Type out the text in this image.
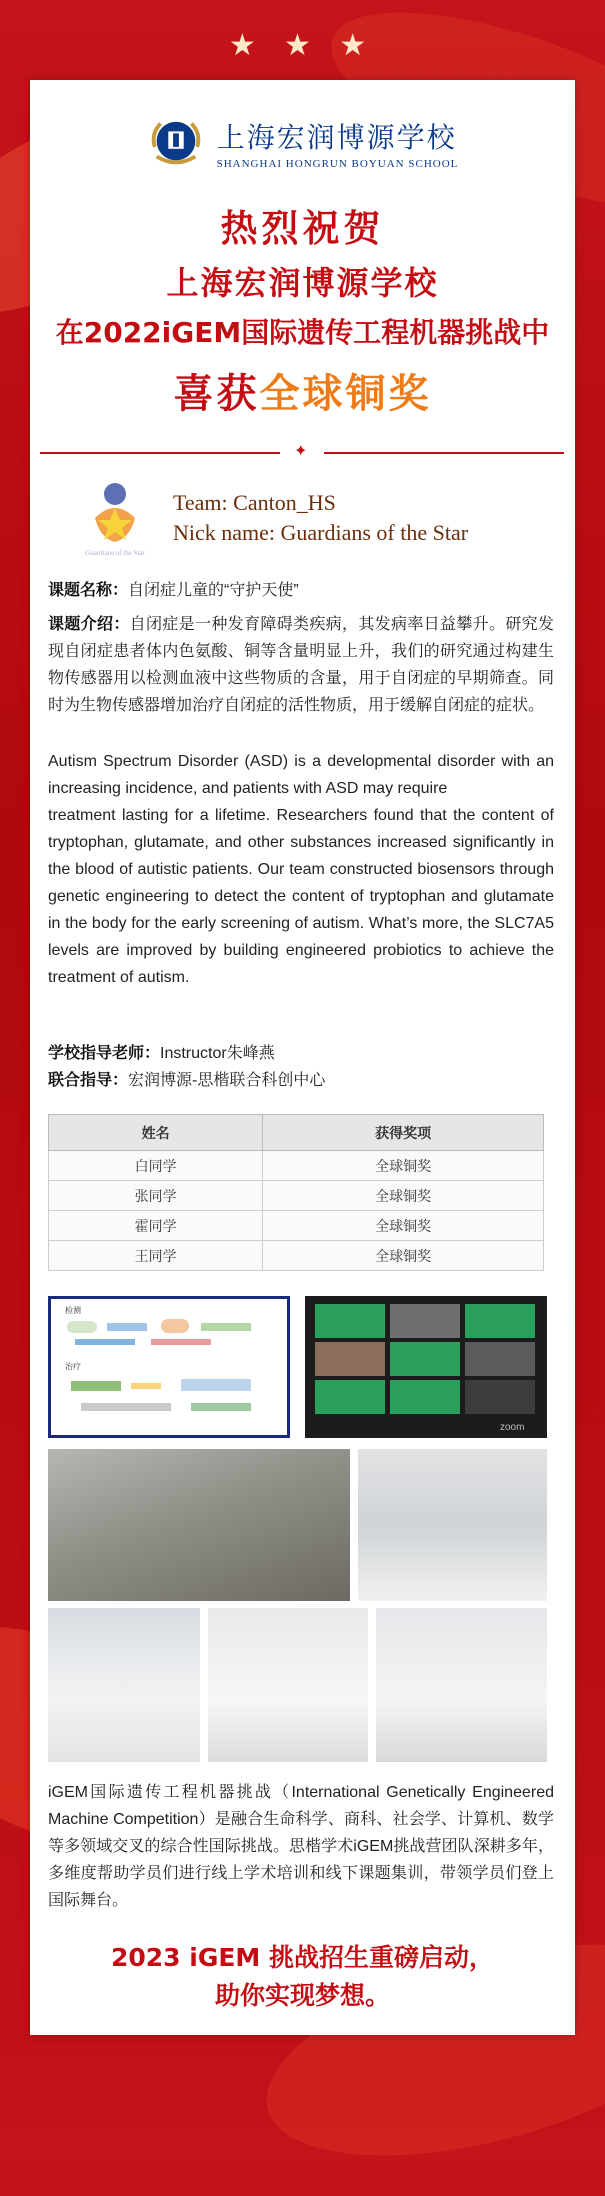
★ ★ ★
上海宏润博源学校
SHANGHAI HONGRUN BOYUAN SCHOOL
热烈祝贺
上海宏润博源学校
在2022iGEM国际遗传工程机器挑战中
喜获全球铜奖
✦
Guardians of the Star
Team: Canton_HS
Nick name: Guardians of the Star
课题名称：自闭症儿童的“守护天使”
课题介绍：自闭症是一种发育障碍类疾病，其发病率日益攀升。研究发现自闭症患者体内色氨酸、铜等含量明显上升，我们的研究通过构建生物传感器用以检测血液中这些物质的含量，用于自闭症的早期筛查。同时为生物传感器增加治疗自闭症的活性物质，用于缓解自闭症的症状。
Autism Spectrum Disorder (ASD) is a developmental disorder with an increasing incidence, and patients with ASD may require
treatment lasting for a lifetime. Researchers found that the content of tryptophan, glutamate, and other substances increased significantly in the blood of autistic patients. Our team constructed biosensors through genetic engineering to detect the content of tryptophan and glutamate in the body for the early screening of autism. What’s more, the SLC7A5 levels are improved by building engineered probiotics to achieve the treatment of autism.
学校指导老师：Instructor朱峰燕
联合指导：宏润博源-思楷联合科创中心
姓名	获得奖项
白同学	全球铜奖
张同学	全球铜奖
霍同学	全球铜奖
王同学	全球铜奖
检测
治疗
zoom
iGEM国际遗传工程机器挑战（International Genetically Engineered Machine Competition）是融合生命科学、商科、社会学、计算机、数学等多领域交叉的综合性国际挑战。思楷学术iGEM挑战营团队深耕多年，多维度帮助学员们进行线上学术培训和线下课题集训，带领学员们登上国际舞台。
2023 iGEM 挑战招生重磅启动，
助你实现梦想。
